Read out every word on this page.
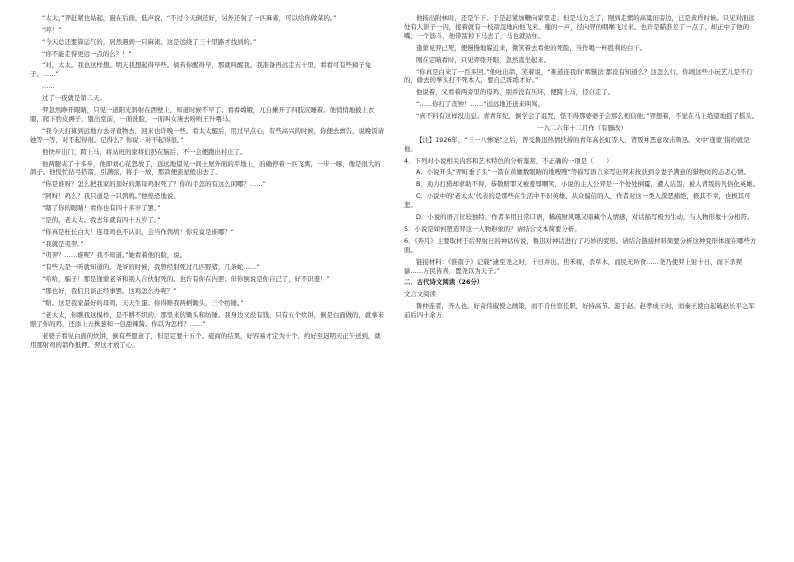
“太太，”羿赶紧也姑起，厨在后面，低声说，“不过今天倒还好，另外还射了一匹麻雀，可以给你做菜的。”

“哼！”

“今天总还要算运气的，居然遇到一只麻雀。这是远绕了三十里路才找到的。”

“你不能走得更远一点的么？！”

“对。太太。我也这样想。明天我想起得早些。倘若你醒得早，那就叫醒我。我准备再远走五十里，看看可有些獐子兔子。……”

……

过了一夜就是第二天。

羿忽然睁开眼睛，只见一道阳光斜射在西壁上，知道时候不早了；看看嫦娥，兀自摊开了四肢沉睡着。他悄悄地披上衣服，爬下豹皮褥子，躄出堂前，一面洗脸，一面叫女庚去吩咐王升喂马。

“我今天打算到远地方去寻食物去，回来也许晚一些。看太太醒后，用过早点心，有些高兴的时候，你便去禀告，说晚饭请她等一等，对不起得很。记得么？你说：对不起得很。”

他快步出门，跨上马，将站班的家将们扔在脑后，不一会便跑出村庄了。

他两腿夹了十多步，他即刘心花怒放了，远远地望见一间土屋外面的平地上，的确停着一匹飞禽，一步一啄，像是很大的鸽子。他慌忙拈弓搭箭，引满弦，将手一放，那箭便流星般出去了。

“你是谁呀？怎么把我家的顶好的黑母鸡射死了？你的手怎的有这么闲哪？……”

“阿呀！鸡么？我只道是一只鹁鸪。”他惶恐地说。

“瞎了你的眼睛！看你也有四十多岁了罢。”

“是的。老太太。我去年就有四十五岁了。”

“你真是枉长白大！连母鸡也不认识，会当作鹁鸪！你究竟是谁哪？”

“我就是夷羿。”

“夷羿？……谁呢？我不知道。”她看着他的脸，说。

“有些人是一听就知道的。尧爷的时候，我曾经射死过几匹野猪，几条蛇……”

“哈哈，骗子！那是逢蒙老爷和别人合伙射死的。也许有你在内罢；但你倒说是你自己了，好不识羞！”

“那也好，我们且谈正经事罢。这鸡怎么办呢？”

“赔。这是我家最好的母鸡，天天生蛋。你得赔我两柄锄头，三个纺锤。”

“老太太，你瞧我这模样，是不耕不织的，那里来的锄头和纺锤。我身边又没有钱，只有五个炊饼，倒是白面做的，就拿来赔了你的鸡，还添上五株葱和一包甜辣酱。你以为怎样？……”

老婆子看见白面的炊饼，倒有些愿意了，但是定要十五个。磋商的结果，好容易才定为十个，约好至迟明天正午送到，就用那射鸡的箭作抵押。羿这才放了心。

他扬出附林时，还是午下。于是赶紧加鞭向家里走；但是马力乏了，刚到走惯的高粱田旁边，已是黄昏时候。只见对面远处有人影子一闪，接着就有一枝箭忽地向他飞来。嗤的一声，径向羿的咽喉飞过来。也许是瞄准差了一点了，却正中了他的嘴；一个筋斗，他带箭掉下马去了，马也就站住。

逢蒙见羿已死，便慢慢地躲近来，微笑着去看他的死脸，当作喝一杯胜利的白干。

刚在定睛看时，只见羿张开眼，忽然直坐起来。

“你真是白来了一百多回。”他吐出箭，笑着说，“难道连我的‘啮镞法’都没有知道么？这怎么行。你闹这些小玩艺儿是不行的，偷去的拳头打不死本人，要自己练练才好。”

他说着，又看着两旁里的母鸡，别并没有压坏，便跨上马，径自走了。

“……你打了丧钟！……”远远地还送来叫骂。

“真不料有这样没出息。青青年纪，倒学会了诅咒，怪不得那婆婆子会那么相信他。”羿想着，不觉在马上绝望地摇了摇头。

一九二六年十二月作（有删改）

【注】1926年，“三一八惨案”之后，曾受鲁迅热情扶持的青年高长虹等人，背叛并恶意攻击鲁迅。文中‘逢蒙’指的就是他。

4．下列对小说相关内容和艺术特色的分析鉴赏，不正确的一项是（　　）

A．小说开头“羿町垂了头”一箭在黄麈数眼睛的地嗖嗖“等描写语言来写出羿未按获到令妻子满意的猎物时的忐忑心情。

B．劝力打猎却求助不得，恭敬赔罪又被羞辱嘲笑，小说的主人公羿是一个处处倒霉，遭人诘怨、被人背叛的凡俗化英雄。

C．小说中的‘老太太’代表的是那些在生活中不识英雄、从众偏信的人，作者对这一类人深恶痛绝，极其不幸，也极其可悲。

D．小说的语言比较独特，作者多用日常口语，稀疏财风趣又暗藏个人情感，对话描写极为生动，与人物形象十分相符。

5．小说是如何塑造羿这一人物形象的？请结合文本简要分析。

6．《奔月》主要取材于后羿射日的神话传说，鲁迅对神话进行了巧妙的变形。请结合链接材料简要分析这种变形体现在哪些方面。

链接材料：《淮南子》记载“逮至尧之时，十日并出。焦禾稼，杀草木，而民无所食……尧乃使羿上射十日，而下杀猰貐……万民皆喜，置尧以为天子。”

二．古代诗文阅读（26分）

文言文阅读

鲁仲连者，齐人也。好奇伟俶傥之画策，而不肯仕宦任职，好持高节。游于赵。赵孝成王时，而秦王使白起破赵长平之军前后四十余万
